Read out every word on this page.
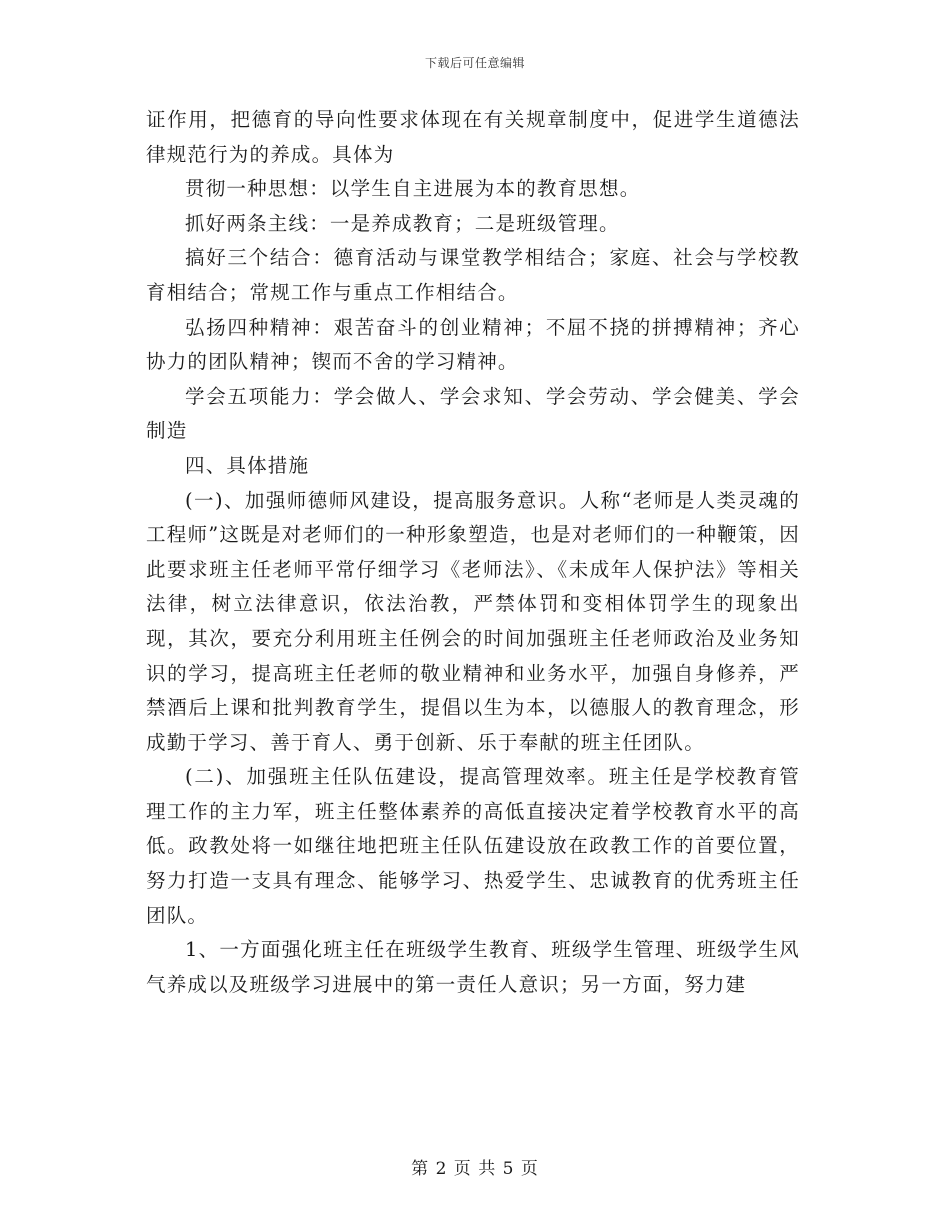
下载后可任意编辑

证作用，把德育的导向性要求体现在有关规章制度中，促进学生道德法律规范行为的养成。具体为

贯彻一种思想：以学生自主进展为本的教育思想。

抓好两条主线：一是养成教育；二是班级管理。

搞好三个结合：德育活动与课堂教学相结合；家庭、社会与学校教育相结合；常规工作与重点工作相结合。

弘扬四种精神：艰苦奋斗的创业精神；不屈不挠的拼搏精神；齐心协力的团队精神；锲而不舍的学习精神。

学会五项能力：学会做人、学会求知、学会劳动、学会健美、学会制造

四、具体措施

(一)、加强师德师风建设，提高服务意识。人称“老师是人类灵魂的工程师”这既是对老师们的一种形象塑造，也是对老师们的一种鞭策，因此要求班主任老师平常仔细学习《老师法》、《未成年人保护法》等相关法律，树立法律意识，依法治教，严禁体罚和变相体罚学生的现象出现，其次，要充分利用班主任例会的时间加强班主任老师政治及业务知识的学习，提高班主任老师的敬业精神和业务水平，加强自身修养，严禁酒后上课和批判教育学生，提倡以生为本，以德服人的教育理念，形成勤于学习、善于育人、勇于创新、乐于奉献的班主任团队。

(二)、加强班主任队伍建设，提高管理效率。班主任是学校教育管理工作的主力军，班主任整体素养的高低直接决定着学校教育水平的高低。政教处将一如继往地把班主任队伍建设放在政教工作的首要位置，努力打造一支具有理念、能够学习、热爱学生、忠诚教育的优秀班主任团队。

1、一方面强化班主任在班级学生教育、班级学生管理、班级学生风气养成以及班级学习进展中的第一责任人意识；另一方面，努力建

第 2 页 共 5 页
